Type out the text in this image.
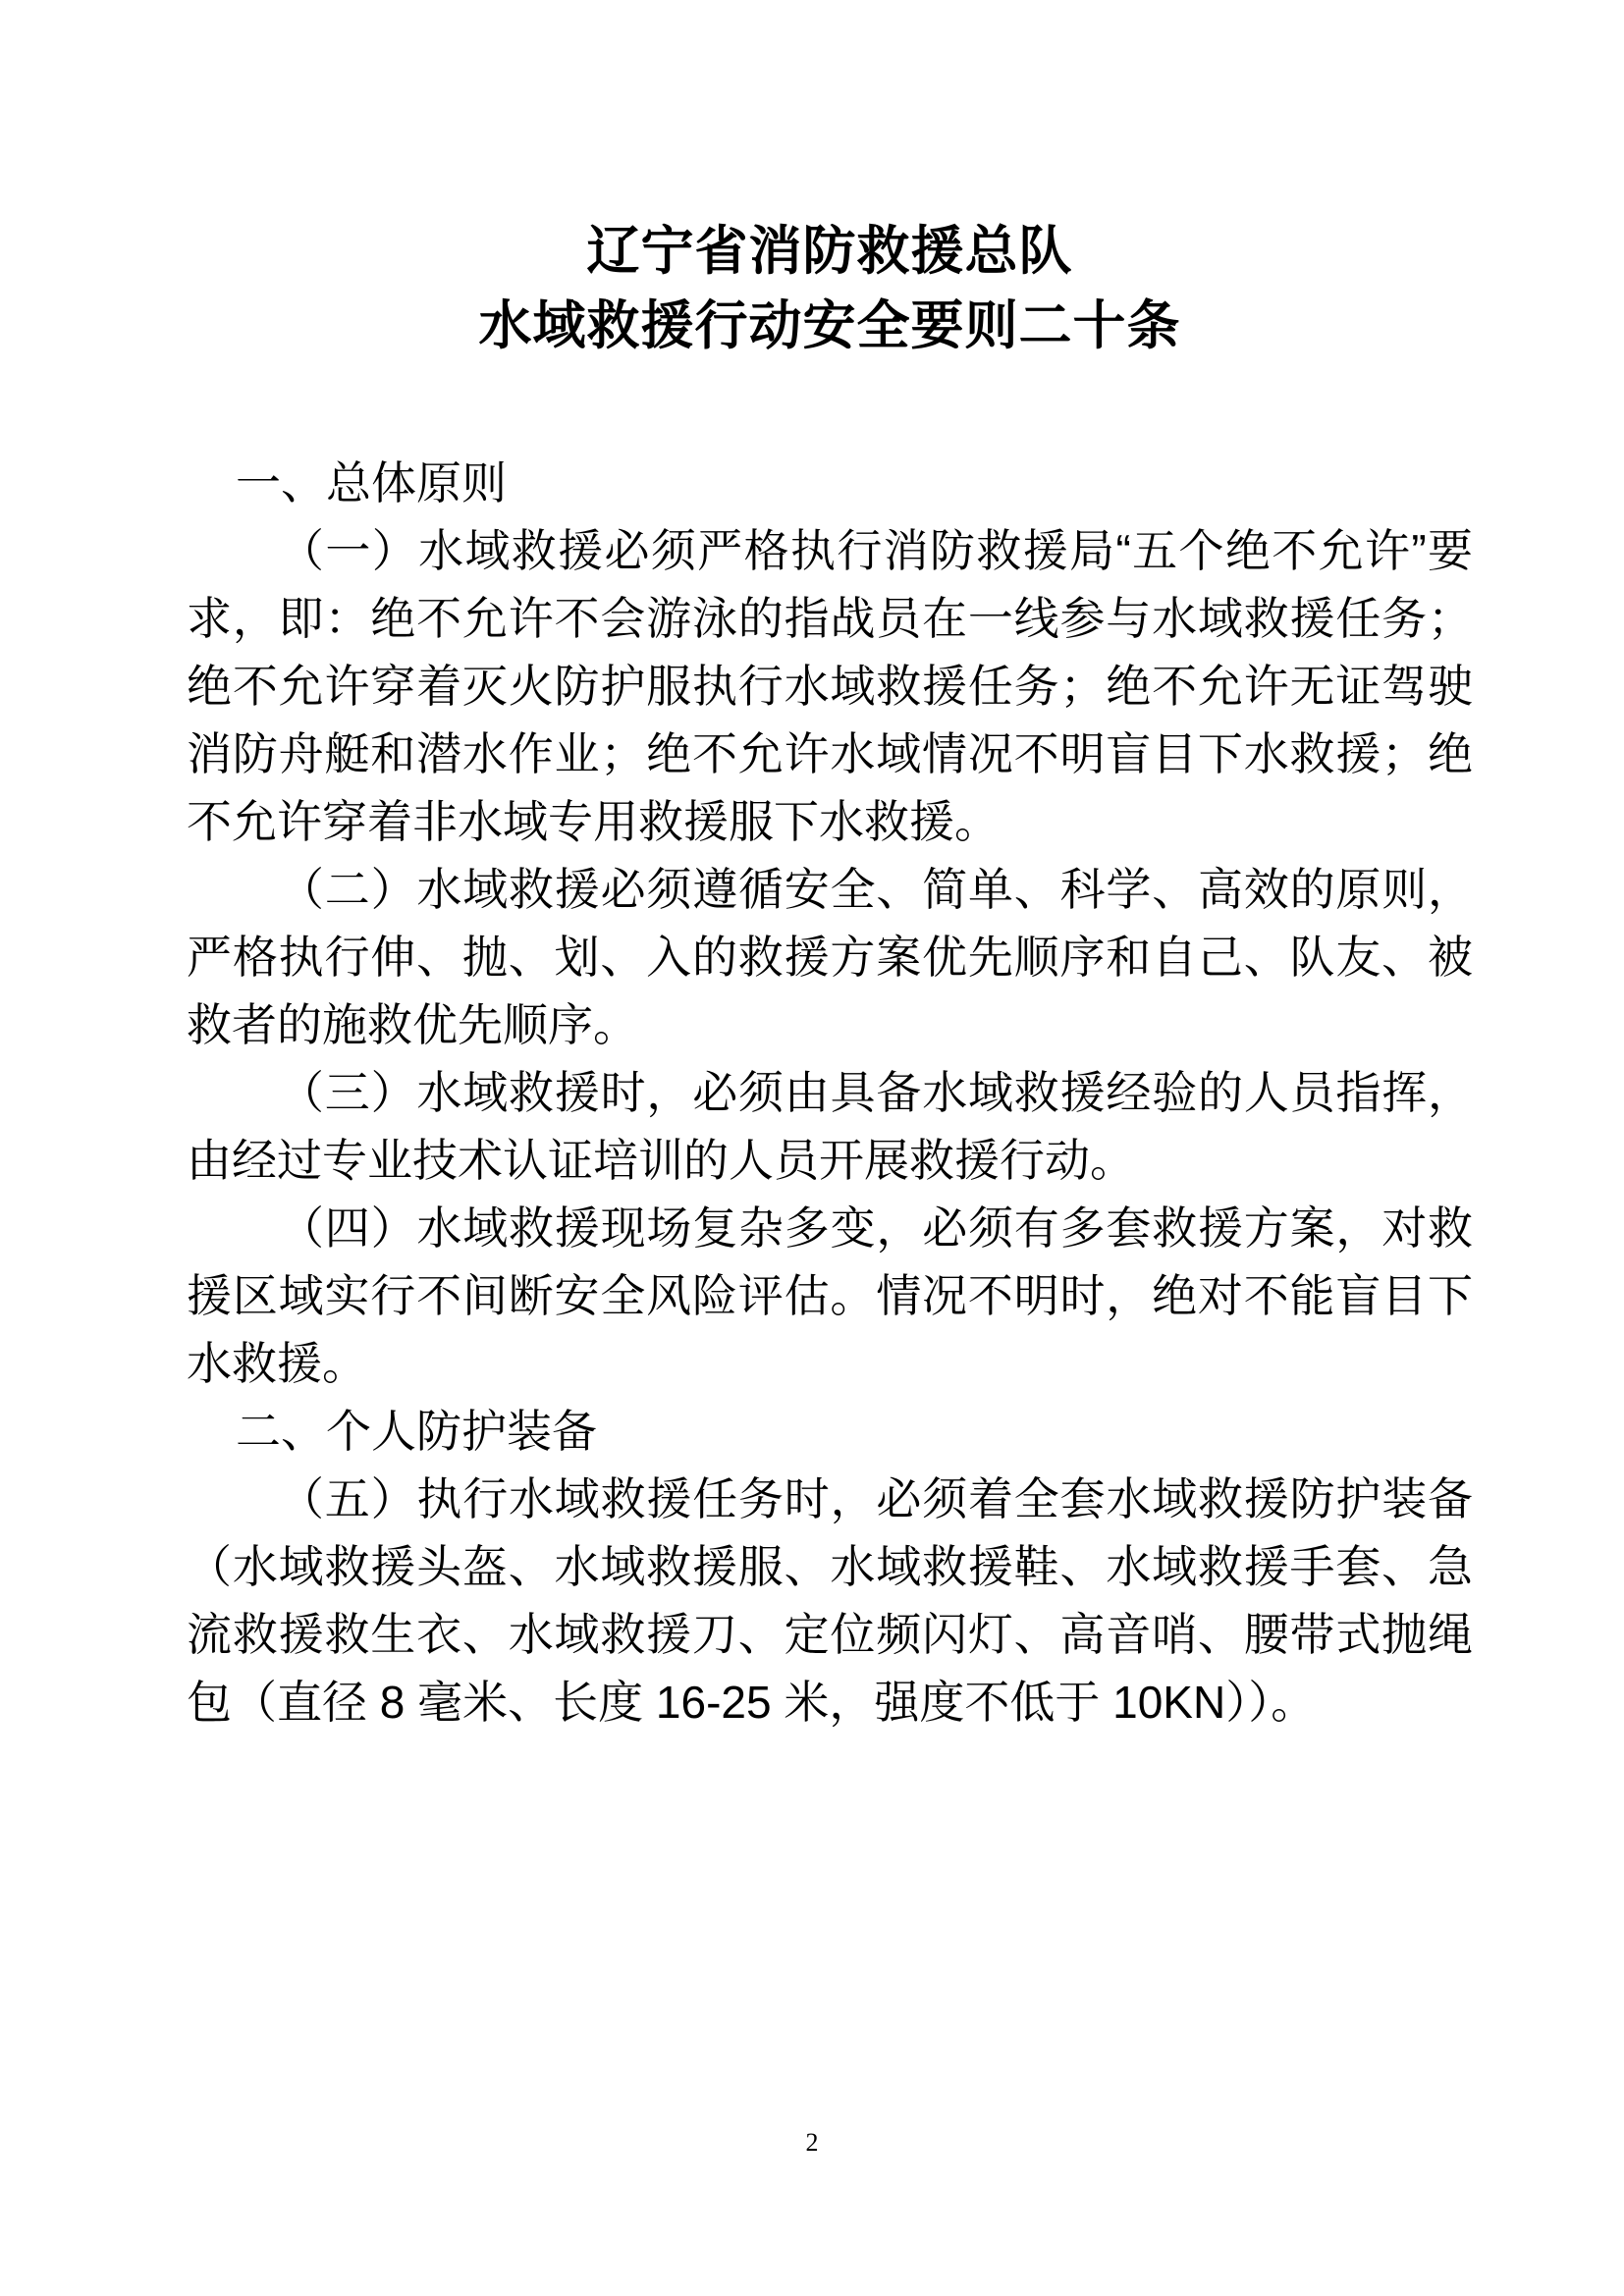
辽宁省消防救援总队
水域救援行动安全要则二十条

一、总体原则

（一）水域救援必须严格执行消防救援局“五个绝不允许”要求，即：绝不允许不会游泳的指战员在一线参与水域救援任务；绝不允许穿着灭火防护服执行水域救援任务；绝不允许无证驾驶消防舟艇和潜水作业；绝不允许水域情况不明盲目下水救援；绝不允许穿着非水域专用救援服下水救援。

（二）水域救援必须遵循安全、简单、科学、高效的原则，严格执行伸、抛、划、入的救援方案优先顺序和自己、队友、被救者的施救优先顺序。

（三）水域救援时，必须由具备水域救援经验的人员指挥，由经过专业技术认证培训的人员开展救援行动。

（四）水域救援现场复杂多变，必须有多套救援方案，对救援区域实行不间断安全风险评估。情况不明时，绝对不能盲目下水救援。

二、个人防护装备

（五）执行水域救援任务时，必须着全套水域救援防护装备（水域救援头盔、水域救援服、水域救援鞋、水域救援手套、急流救援救生衣、水域救援刀、定位频闪灯、高音哨、腰带式抛绳包（直径 8 毫米、长度 16-25 米，强度不低于 10KN））。

2
